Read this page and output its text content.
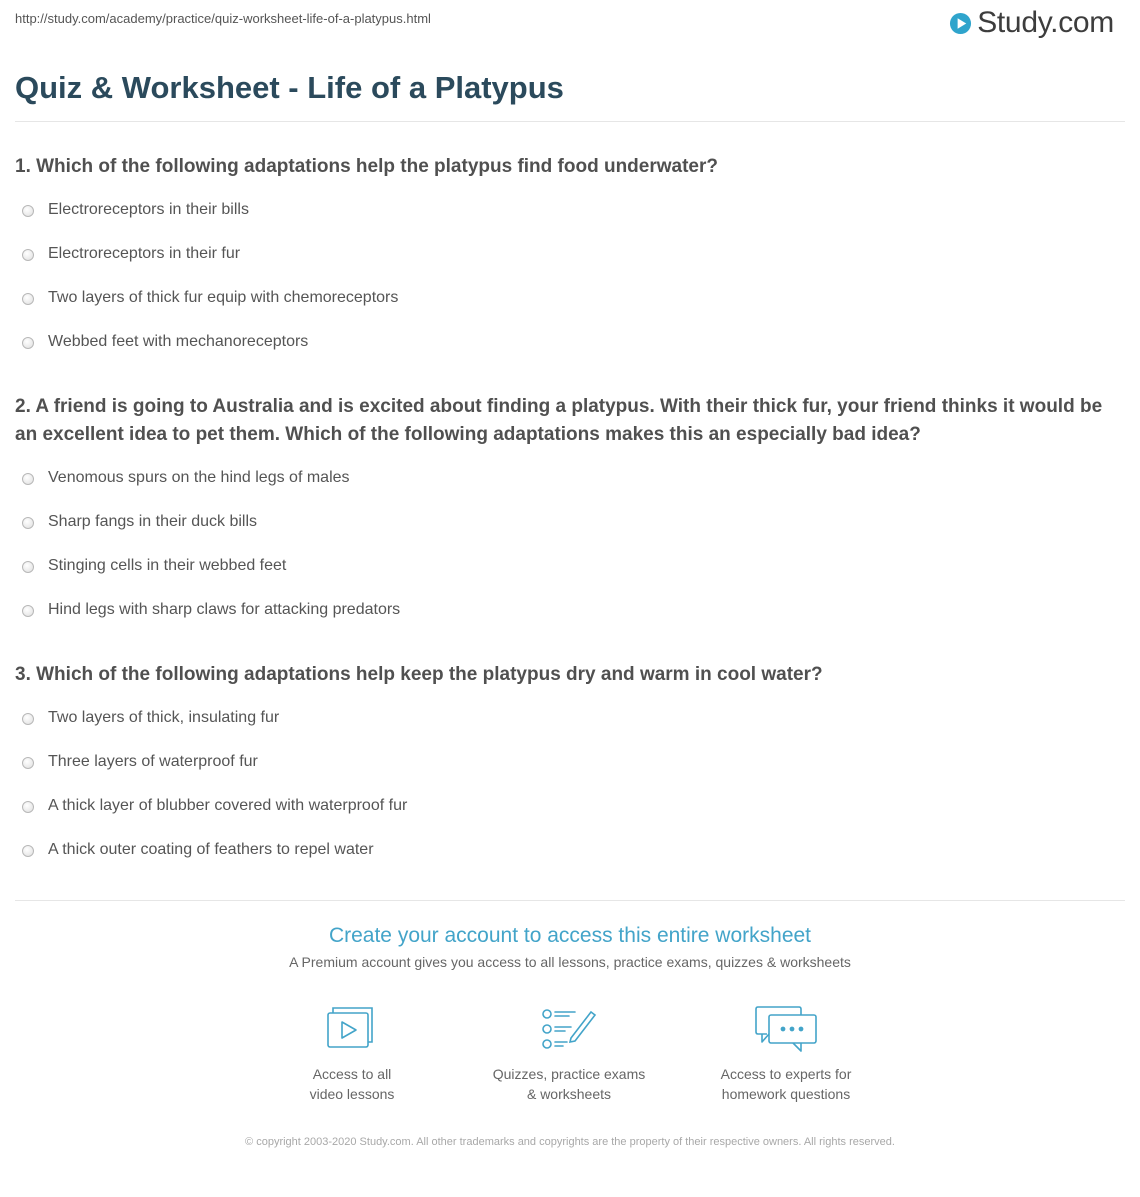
http://study.com/academy/practice/quiz-worksheet-life-of-a-platypus.html	Study.com
Quiz & Worksheet - Life of a Platypus
1. Which of the following adaptations help the platypus find food underwater?
Electroreceptors in their bills
Electroreceptors in their fur
Two layers of thick fur equip with chemoreceptors
Webbed feet with mechanoreceptors
2. A friend is going to Australia and is excited about finding a platypus. With their thick fur, your friend thinks it would be an excellent idea to pet them. Which of the following adaptations makes this an especially bad idea?
Venomous spurs on the hind legs of males
Sharp fangs in their duck bills
Stinging cells in their webbed feet
Hind legs with sharp claws for attacking predators
3. Which of the following adaptations help keep the platypus dry and warm in cool water?
Two layers of thick, insulating fur
Three layers of waterproof fur
A thick layer of blubber covered with waterproof fur
A thick outer coating of feathers to repel water
Create your account to access this entire worksheet
A Premium account gives you access to all lessons, practice exams, quizzes & worksheets
Access to all
video lessons
Quizzes, practice exams
& worksheets
Access to experts for
homework questions
© copyright 2003-2020 Study.com. All other trademarks and copyrights are the property of their respective owners. All rights reserved.
